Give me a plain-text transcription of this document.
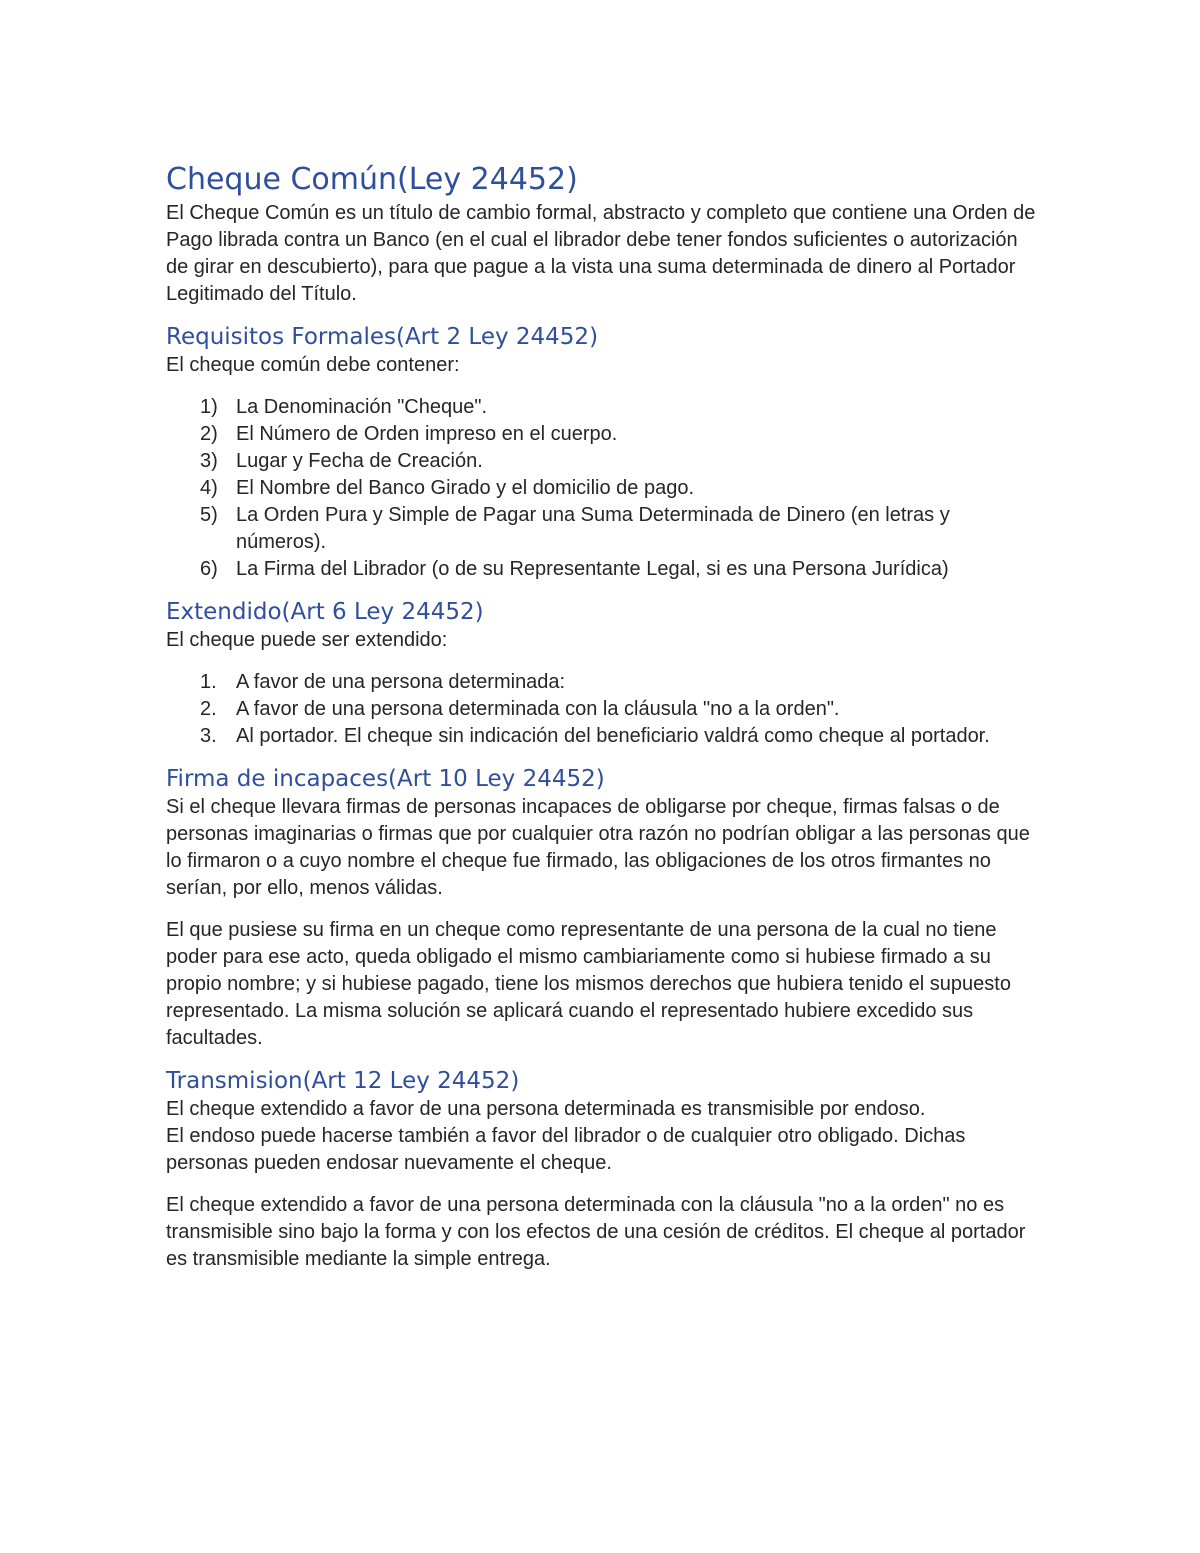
Cheque Común(Ley 24452)

El Cheque Común es un título de cambio formal, abstracto y completo que contiene una Orden de Pago librada contra un Banco (en el cual el librador debe tener fondos suficientes o autorización de girar en descubierto), para que pague a la vista una suma determinada de dinero al Portador Legitimado del Título.

Requisitos Formales(Art 2 Ley 24452)

El cheque común debe contener:

1) La Denominación "Cheque".
2) El Número de Orden impreso en el cuerpo.
3) Lugar y Fecha de Creación.
4) El Nombre del Banco Girado y el domicilio de pago.
5) La Orden Pura y Simple de Pagar una Suma Determinada de Dinero (en letras y números).
6) La Firma del Librador (o de su Representante Legal, si es una Persona Jurídica)
Extendido(Art 6 Ley 24452)

El cheque puede ser extendido:

1. A favor de una persona determinada:
2. A favor de una persona determinada con la cláusula "no a la orden".
3. Al portador. El cheque sin indicación del beneficiario valdrá como cheque al portador.
Firma de incapaces(Art 10 Ley 24452)

Si el cheque llevara firmas de personas incapaces de obligarse por cheque, firmas falsas o de personas imaginarias o firmas que por cualquier otra razón no podrían obligar a las personas que lo firmaron o a cuyo nombre el cheque fue firmado, las obligaciones de los otros firmantes no serían, por ello, menos válidas.

El que pusiese su firma en un cheque como representante de una persona de la cual no tiene poder para ese acto, queda obligado el mismo cambiariamente como si hubiese firmado a su propio nombre; y si hubiese pagado, tiene los mismos derechos que hubiera tenido el supuesto representado. La misma solución se aplicará cuando el representado hubiere excedido sus facultades.

Transmision(Art 12 Ley 24452)

El cheque extendido a favor de una persona determinada es transmisible por endoso.

El endoso puede hacerse también a favor del librador o de cualquier otro obligado. Dichas personas pueden endosar nuevamente el cheque.

El cheque extendido a favor de una persona determinada con la cláusula "no a la orden" no es transmisible sino bajo la forma y con los efectos de una cesión de créditos. El cheque al portador es transmisible mediante la simple entrega.
